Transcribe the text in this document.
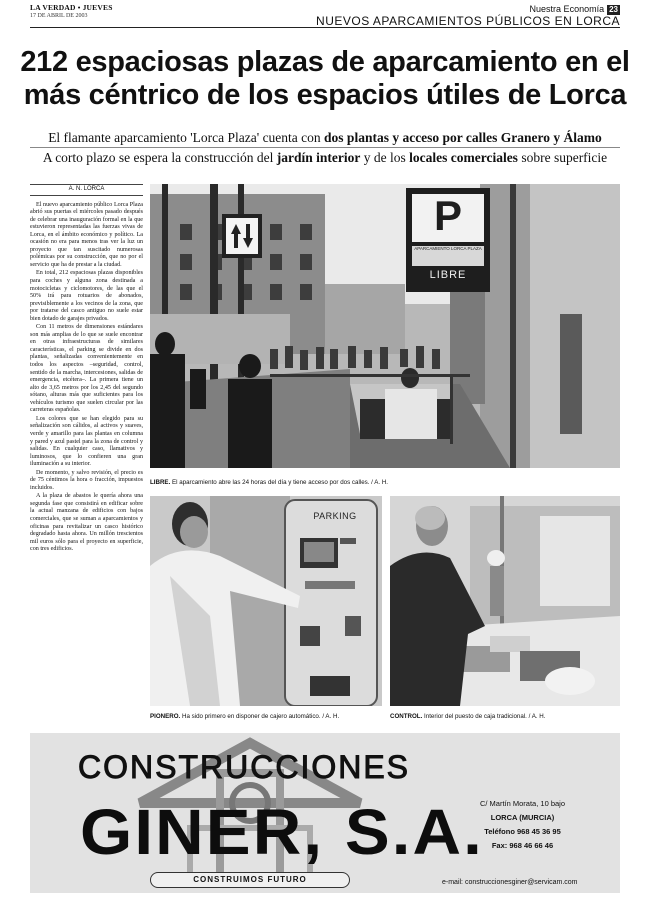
LA VERDAD • JUEVES
17 DE ABRIL DE 2003
Nuestra Economía 23
NUEVOS APARCAMIENTOS PÚBLICOS EN LORCA
212 espaciosas plazas de aparcamiento en el
más céntrico de los espacios útiles de Lorca
El flamante aparcamiento 'Lorca Plaza' cuenta con dos plantas y acceso por calles Granero y Álamo
A corto plazo se espera la construcción del jardín interior y de los locales comerciales sobre superficie
A. N. LORCA

El nuevo aparcamiento público Lorca Plaza abrió sus puertas el miércoles pasado después de celebrar una inauguración formal en la que estuvieron representadas las fuerzas vivas de Lorca, en el ámbito económico y político. La ocasión no era para menos tras ver la luz un proyecto que tan suscitado numerosas polémicas por su construcción, que no por el servicio que ha de prestar a la ciudad.

En total, 212 espaciosas plazas disponibles para coches y alguna zona destinada a motocicletas y ciclomotores, de las que el 50% irá para rotuarios de abonados, previsiblemente a los vecinos de la zona, que por tratarse del casco antiguo no suele estar bien dotado de garajes privados.

Con 11 metros de dimensiones estándares son más amplias de lo que se suele encontrar en otras infraestructuras de similares características, el parking se divide en dos plantas, señalizadas convenientemente en todos los aspectos –seguridad, control, sentido de la marcha, intercesiones, salidas de emergencia, etcétera–. La primera tiene un alto de 3,65 metros por los 2,45 del segundo sótano, alturas más que suficientes para los vehículos turismo que suelen circular por las carreteras españolas.

Los colores que se han elegido para su señalización son cálidos, al activos y suaves, verde y amarillo para las plantas en columna y pared y azul pastel para la zona de control y salidas. En cualquier caso, llamativos y luminosos, que lo confieren una gran iluminación a su interior.

De momento, y salvo revisión, el precio es de 75 céntimos la hora o fracción, impuestos incluidos.

A la plaza de abastos le quería ahora una segunda fase que consistirá en edificar sobre la actual manzana de edificios con bajos comerciales, que se suman a aparcamientos y oficinas para revitalizar un casco histórico degradado hasta ahora. Un millón trescientos mil euros sólo para el proyecto en superficie, con tres edificios.

P
APARCAMIENTO LORCA PLAZA
LIBRE
LIBRE. El aparcamiento abre las 24 horas del día y tiene acceso por dos calles. / A. H.
PARKING
PIONERO. Ha sido primero en disponer de cajero automático. / A. H.	CONTROL. Interior del puesto de caja tradicional. / A. H.
CONSTRUCCIONES
GINER, S.A.
CONSTRUIMOS FUTURO
C/ Martín Morata, 10 bajo
LORCA (MURCIA)
Teléfono 968 45 36 95
Fax: 968 46 66 46
e-mail: construccionesginer@servicam.com
